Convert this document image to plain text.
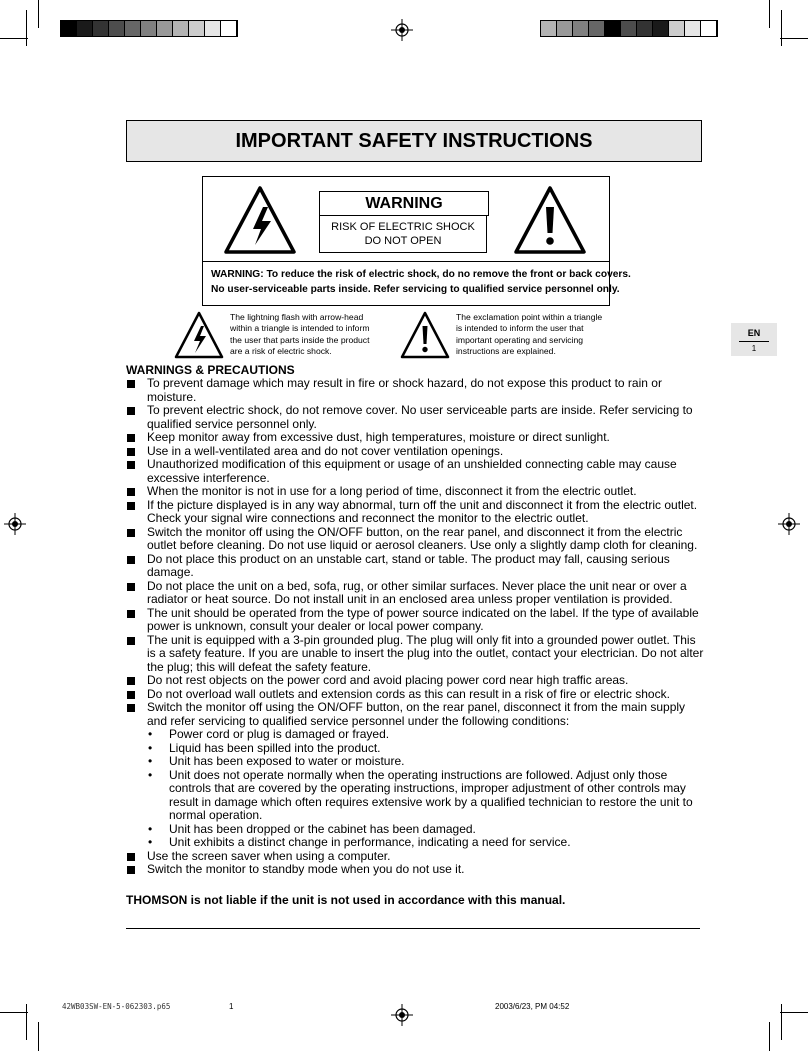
IMPORTANT SAFETY INSTRUCTIONS
WARNING
RISK OF ELECTRIC SHOCK
DO NOT OPEN
WARNING: To reduce the risk of electric shock, do no remove the front or back covers.
No user-serviceable parts inside. Refer servicing to qualified service personnel only.
The lightning flash with arrow-head
within a triangle is intended to inform
the user that parts inside the product
are a risk of electric shock.
The exclamation point within a triangle
is intended to inform the user that
important operating and servicing
instructions are explained.
EN
1
WARNINGS & PRECAUTIONS
To prevent damage which may result in fire or shock hazard, do not expose this product to rain or moisture.
To prevent electric shock, do not remove cover. No user serviceable parts are inside. Refer servicing to qualified service personnel only.
Keep monitor away from excessive dust, high temperatures, moisture or direct sunlight.
Use in a well-ventilated area and do not cover ventilation openings.
Unauthorized modification of this equipment or usage of an unshielded connecting cable may cause excessive interference.
When the monitor is not in use for a long period of time, disconnect it from the electric outlet.
If the picture displayed is in any way abnormal, turn off the unit and disconnect it from the electric outlet. Check your signal wire connections and reconnect the monitor to the electric outlet.
Switch the monitor off using the ON/OFF button, on the rear panel, and disconnect it from the electric outlet before cleaning. Do not use liquid or aerosol cleaners. Use only a slightly damp cloth for cleaning.
Do not place this product on an unstable cart, stand or table. The product may fall, causing serious damage.
Do not place the unit on a bed, sofa, rug, or other similar surfaces. Never place the unit near or over a radiator or heat source. Do not install unit in an enclosed area unless proper ventilation is provided.
The unit should be operated from the type of power source indicated on the label. If the type of available power is unknown, consult your dealer or local power company.
The unit is equipped with a 3-pin grounded plug. The plug will only fit into a grounded power outlet. This is a safety feature. If you are unable to insert the plug into the outlet, contact your electrician. Do not alter the plug; this will defeat the safety feature.
Do not rest objects on the power cord and avoid placing power cord near high traffic areas.
Do not overload wall outlets and extension cords as this can result in a risk of fire or electric shock.
Switch the monitor off using the ON/OFF button, on the rear panel, disconnect it from the main supply and refer servicing to qualified service personnel under the following conditions:
• Power cord or plug is damaged or frayed.
• Liquid has been spilled into the product.
• Unit has been exposed to water or moisture.
• Unit does not operate normally when the operating instructions are followed. Adjust only those controls that are covered by the operating instructions, improper adjustment of other controls may result in damage which often requires extensive work by a qualified technician to restore the unit to normal operation.
• Unit has been dropped or the cabinet has been damaged.
• Unit exhibits a distinct change in performance, indicating a need for service.
Use the screen saver when using a computer.
Switch the monitor to standby mode when you do not use it.
THOMSON is not liable if the unit is not used in accordance with this manual.
42WB03SW-EN-5-062303.p65	1	2003/6/23, PM 04:52
